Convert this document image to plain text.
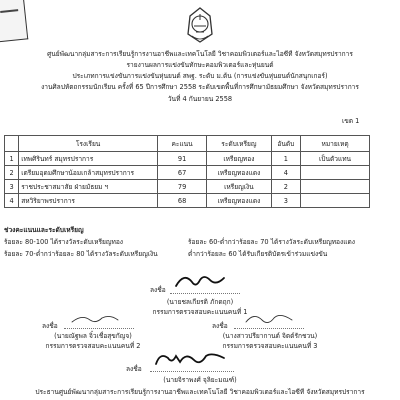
ศูนย์พัฒนากลุ่มสาระการเรียนรู้การงานอาชีพและเทคโนโลยี วิชาคอมพิวเตอร์และไอซีที จังหวัดสมุทรปราการ
รายงานผลการแข่งขันทักษะคอมพิวเตอร์และหุ่นยนต์
ประเภทการแข่งขันการแข่งขันหุ่นยนต์ สพฐ. ระดับ ม.ต้น (การแข่งขันหุ่นยนต์นักสนุกเกอร์)
งานศิลปหัตถกรรมนักเรียน ครั้งที่ 65 ปีการศึกษา 2558 ระดับเขตพื้นที่การศึกษามัธยมศึกษา จังหวัดสมุทรปราการ
วันที่ 4 กันยายน 2558
เขต 1
	โรงเรียน	คะแนน	ระดับเหรียญ	อันดับ	หมายเหตุ
1	เทพศิรินทร์ สมุทรปราการ	91	เหรียญทอง	1	เป็นตัวแทน
2	เตรียมอุดมศึกษาน้อมเกล้าสมุทรปราการ	67	เหรียญทองแดง	4	
3	ราชประชาสมาสัย ฝ่ายมัธยม ฯ	79	เหรียญเงิน	2	
4	สหวิริยาพรปราการ	68	เหรียญทองแดง	3	
ช่วงคะแนนและระดับเหรียญ
ร้อยละ 80-100 ได้รางวัลระดับเหรียญทอง	ร้อยละ 60-ต่ำกว่าร้อยละ 70 ได้รางวัลระดับเหรียญทองแดง
ร้อยละ 70-ต่ำกว่าร้อยละ 80 ได้รางวัลระดับเหรียญเงิน	ต่ำกว่าร้อยละ 60 ได้รับเกียรติบัตรเข้าร่วมแข่งขัน
ลงชื่อ
(นายชลเกียรติ ภักดฤก)
กรรมการตรวจสอบคะแนนคนที่ 1
ลงชื่อ
(นายณัฐพล จิ๋วเชื่อสุขกัญจ)
กรรมการตรวจสอบคะแนนคนที่ 2
ลงชื่อ
(นางสาวปรียากานต์ จิตต์รักชวน)
กรรมการตรวจสอบคะแนนคนที่ 3
ลงชื่อ
(นายจิราพงศ์ จุลิยะมณฑ์)
ประธานศูนย์พัฒนากลุ่มสาระการเรียนรู้การงานอาชีพและเทคโนโลยี วิชาคอมพิวเตอร์และไอซีที จังหวัดสมุทรปราการ
